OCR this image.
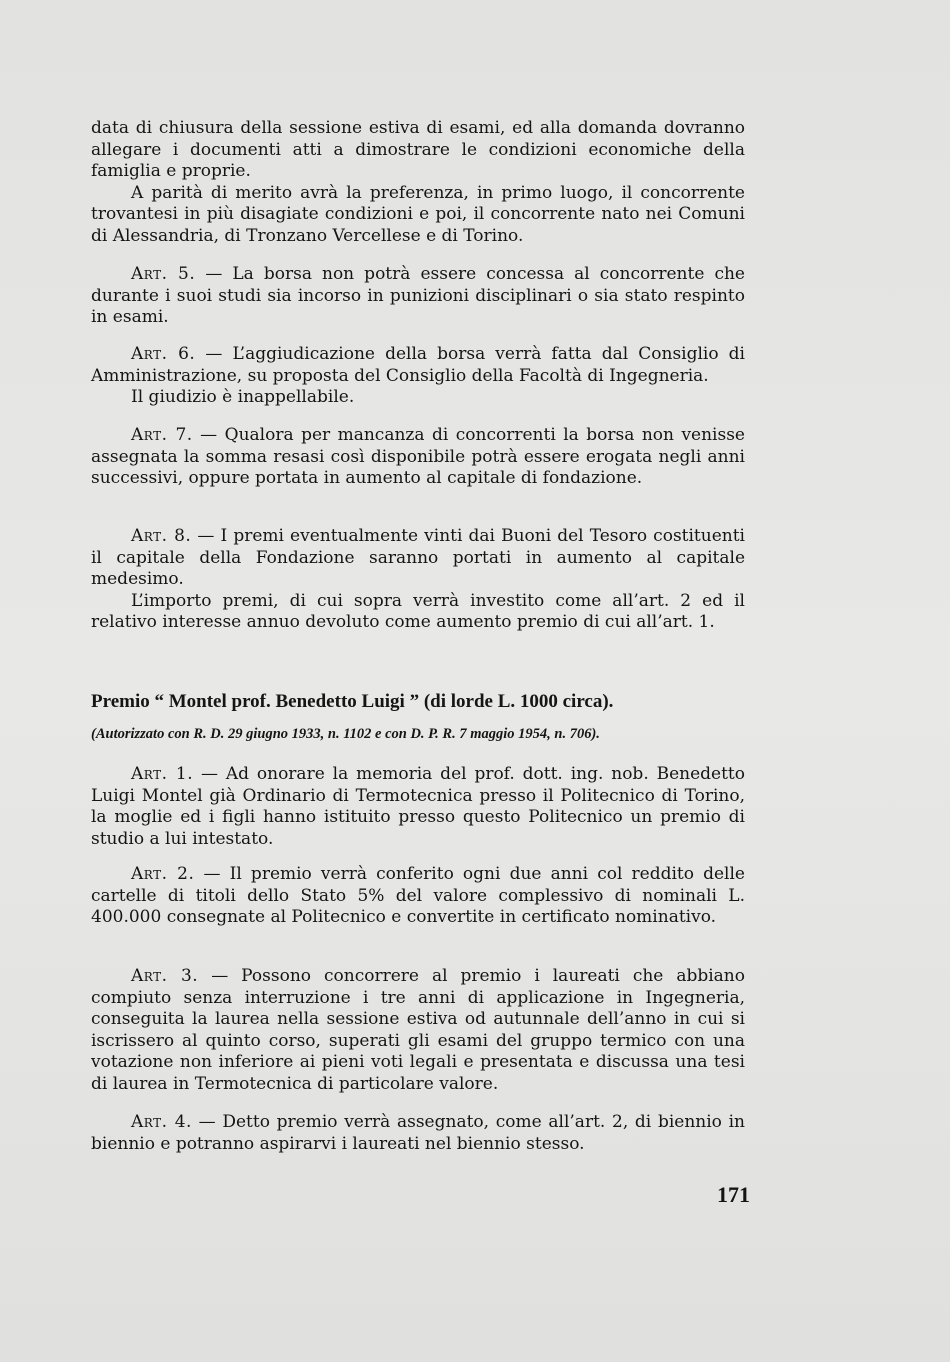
data di chiusura della sessione estiva di esami, ed alla domanda dovranno allegare i documenti atti a dimostrare le condizioni economiche della famiglia e proprie.

A parità di merito avrà la preferenza, in primo luogo, il concorrente trovantesi in più disagiate condizioni e poi, il concorrente nato nei Comuni di Alessandria, di Tronzano Vercellese e di Torino.

Art. 5. — La borsa non potrà essere concessa al concorrente che durante i suoi studi sia incorso in punizioni disciplinari o sia stato respinto in esami.

Art. 6. — L’aggiudicazione della borsa verrà fatta dal Consiglio di Amministrazione, su proposta del Consiglio della Facoltà di Ingegneria.

Il giudizio è inappellabile.

Art. 7. — Qualora per mancanza di concorrenti la borsa non venisse assegnata la somma resasi così disponibile potrà essere erogata negli anni successivi, oppure portata in aumento al capitale di fondazione.

Art. 8. — I premi eventualmente vinti dai Buoni del Tesoro costituenti il capitale della Fondazione saranno portati in aumento al capitale medesimo.

L’importo premi, di cui sopra verrà investito come all’art. 2 ed il relativo interesse annuo devoluto come aumento premio di cui all’art. 1.

Premio “ Montel prof. Benedetto Luigi ” (di lorde L. 1000 circa).

(Autorizzato con R. D. 29 giugno 1933, n. 1102 e con D. P. R. 7 maggio 1954, n. 706).

Art. 1. — Ad onorare la memoria del prof. dott. ing. nob. Benedetto Luigi Montel già Ordinario di Termotecnica presso il Politecnico di Torino, la moglie ed i figli hanno istituito presso questo Politecnico un premio di studio a lui intestato.

Art. 2. — Il premio verrà conferito ogni due anni col reddito delle cartelle di titoli dello Stato 5% del valore complessivo di nominali L. 400.000 consegnate al Politecnico e convertite in certificato nominativo.

Art. 3. — Possono concorrere al premio i laureati che abbiano compiuto senza interruzione i tre anni di applicazione in Ingegneria, conseguita la laurea nella sessione estiva od autunnale dell’anno in cui si iscrissero al quinto corso, superati gli esami del gruppo termico con una votazione non inferiore ai pieni voti legali e presentata e discussa una tesi di laurea in Termotecnica di particolare valore.

Art. 4. — Detto premio verrà assegnato, come all’art. 2, di biennio in biennio e potranno aspirarvi i laureati nel biennio stesso.

171
